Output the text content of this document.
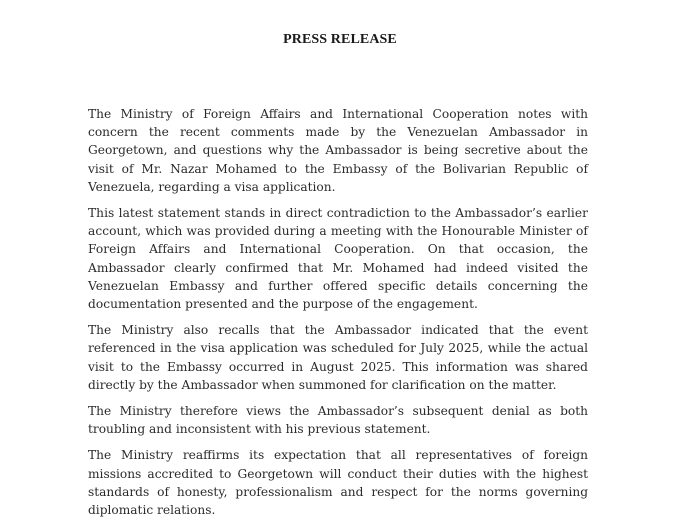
PRESS RELEASE

The Ministry of Foreign Affairs and International Cooperation notes with concern the recent comments made by the Venezuelan Ambassador in Georgetown, and questions why the Ambassador is being secretive about the visit of Mr. Nazar Mohamed to the Embassy of the Bolivarian Republic of Venezuela, regarding a visa application.

This latest statement stands in direct contradiction to the Ambassador’s earlier account, which was provided during a meeting with the Honourable Minister of Foreign Affairs and International Cooperation. On that occasion, the Ambassador clearly confirmed that Mr. Mohamed had indeed visited the Venezuelan Embassy and further offered specific details concerning the documentation presented and the purpose of the engagement.

The Ministry also recalls that the Ambassador indicated that the event referenced in the visa application was scheduled for July 2025, while the actual visit to the Embassy occurred in August 2025. This information was shared directly by the Ambassador when summoned for clarification on the matter.

The Ministry therefore views the Ambassador’s subsequent denial as both troubling and inconsistent with his previous statement.

The Ministry reaffirms its expectation that all representatives of foreign missions accredited to Georgetown will conduct their duties with the highest standards of honesty, professionalism and respect for the norms governing diplomatic relations.
